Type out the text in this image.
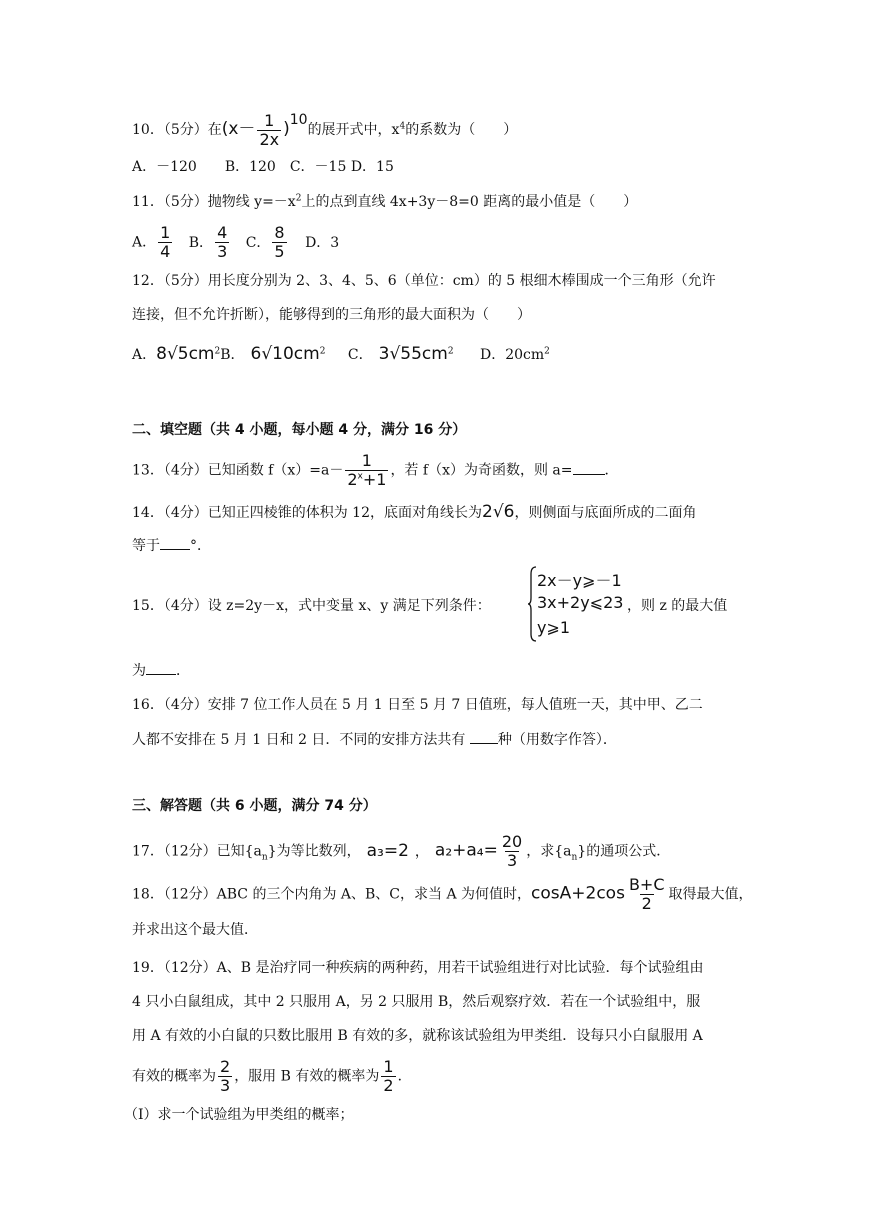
10．（5分）在$(x- \frac{1}{2x} )10$的展开式中，$x^4$的系数为（　　）
A．－120　　B．120　C．－15 D．15
11．（5分）抛物线 $y=-x^2$上的点到直线 4x+3y－8=0 距离的最小值是（　　）
A． $\frac{1}{4}$ B． $\frac{4}{3}$ C． $\frac{8}{5}$ D．3
12．（5分）用长度分别为 2、3、4、5、6（单位：cm）的 5 根细木棒围成一个三角形（允许
连接，但不允许折断），能够得到的三角形的最大面积为（　　）
A．$8√5cm^2B$． $6√10cm^2$ C． $3√55cm^2$ D．$20cm^2$
二、填空题（共 4 小题，每小题 4 分，满分 16 分）
13．（4分）已知函数 $f(x)=a- \frac{1}{2^x+1}$ ，若 f（x）为奇函数，则 a= ．
14．（4分）已知正四棱锥的体积为 12，底面对角线长为2√6，则侧面与底面所成的二面角
等于 °．
15．（4分）设 z=2y－x，式中变量 x、y 满足下列条件：
2x－y⩾－1
3x+2y⩽23
y⩾1
，则 z 的最大值
为 ．
16．（4分）安排 7 位工作人员在 5 月 1 日至 5 月 7 日值班，每人值班一天，其中甲、乙二
人都不安排在 5 月 1 日和 2 日．不同的安排方法共有 种（用数字作答）．
三、解答题（共 6 小题，满分 74 分）
17．（12分）已知$\{a_n\}$为等比数列， a₃=2 ， $a_2+a_4= \frac{20}{3}$ ，求$\{a_n\}$的通项公式．
18．（12分）ABC 的三个内角为 A、B、C，求当 A 为何值时，$\cos A+2\cos \frac{B+C}{2}$ 取得最大值，
并求出这个最大值．
19．（12分）A、B 是治疗同一种疾病的两种药，用若干试验组进行对比试验．每个试验组由
4 只小白鼠组成，其中 2 只服用 A，另 2 只服用 B，然后观察疗效．若在一个试验组中，服
用 A 有效的小白鼠的只数比服用 B 有效的多，就称该试验组为甲类组．设每只小白鼠服用 A
有效的概率为 $\frac{2}{3}$ ，服用 B 有效的概率为 $\frac{1}{2}$ ．
（Ⅰ）求一个试验组为甲类组的概率；
